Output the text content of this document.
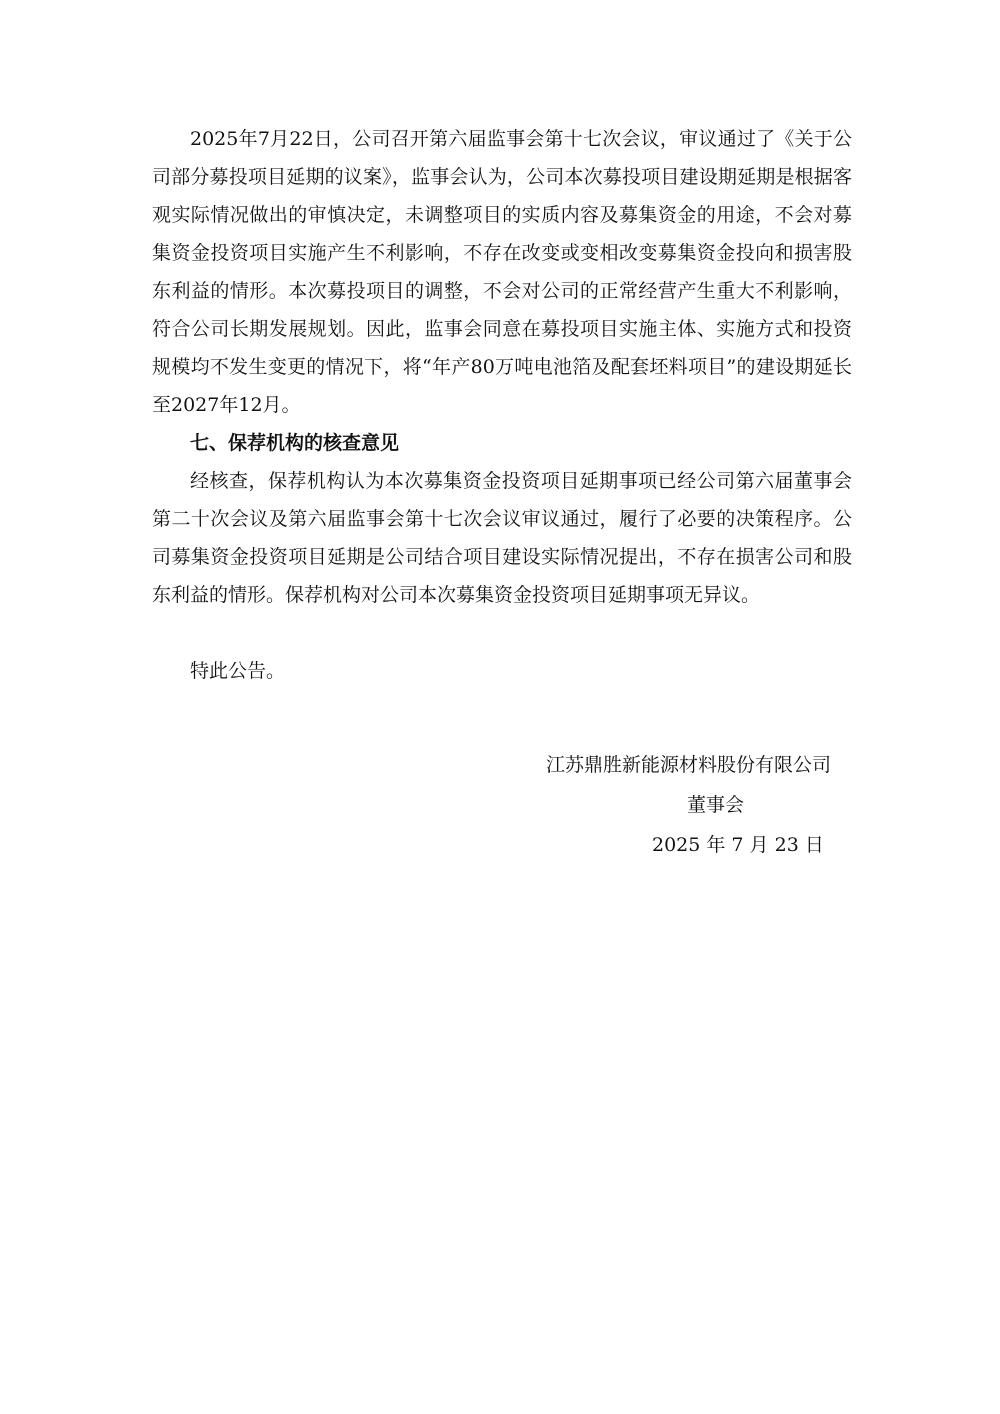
2025年7月22日，公司召开第六届监事会第十七次会议，审议通过了《关于公司部分募投项目延期的议案》，监事会认为，公司本次募投项目建设期延期是根据客观实际情况做出的审慎决定，未调整项目的实质内容及募集资金的用途，不会对募集资金投资项目实施产生不利影响，不存在改变或变相改变募集资金投向和损害股东利益的情形。本次募投项目的调整，不会对公司的正常经营产生重大不利影响，符合公司长期发展规划。因此，监事会同意在募投项目实施主体、实施方式和投资规模均不发生变更的情况下，将“年产80万吨电池箔及配套坯料项目”的建设期延长至2027年12月。

七、保荐机构的核查意见

经核查，保荐机构认为本次募集资金投资项目延期事项已经公司第六届董事会第二十次会议及第六届监事会第十七次会议审议通过，履行了必要的决策程序。公司募集资金投资项目延期是公司结合项目建设实际情况提出，不存在损害公司和股东利益的情形。保荐机构对公司本次募集资金投资项目延期事项无异议。

特此公告。

江苏鼎胜新能源材料股份有限公司
董事会
2025 年 7 月 23 日
